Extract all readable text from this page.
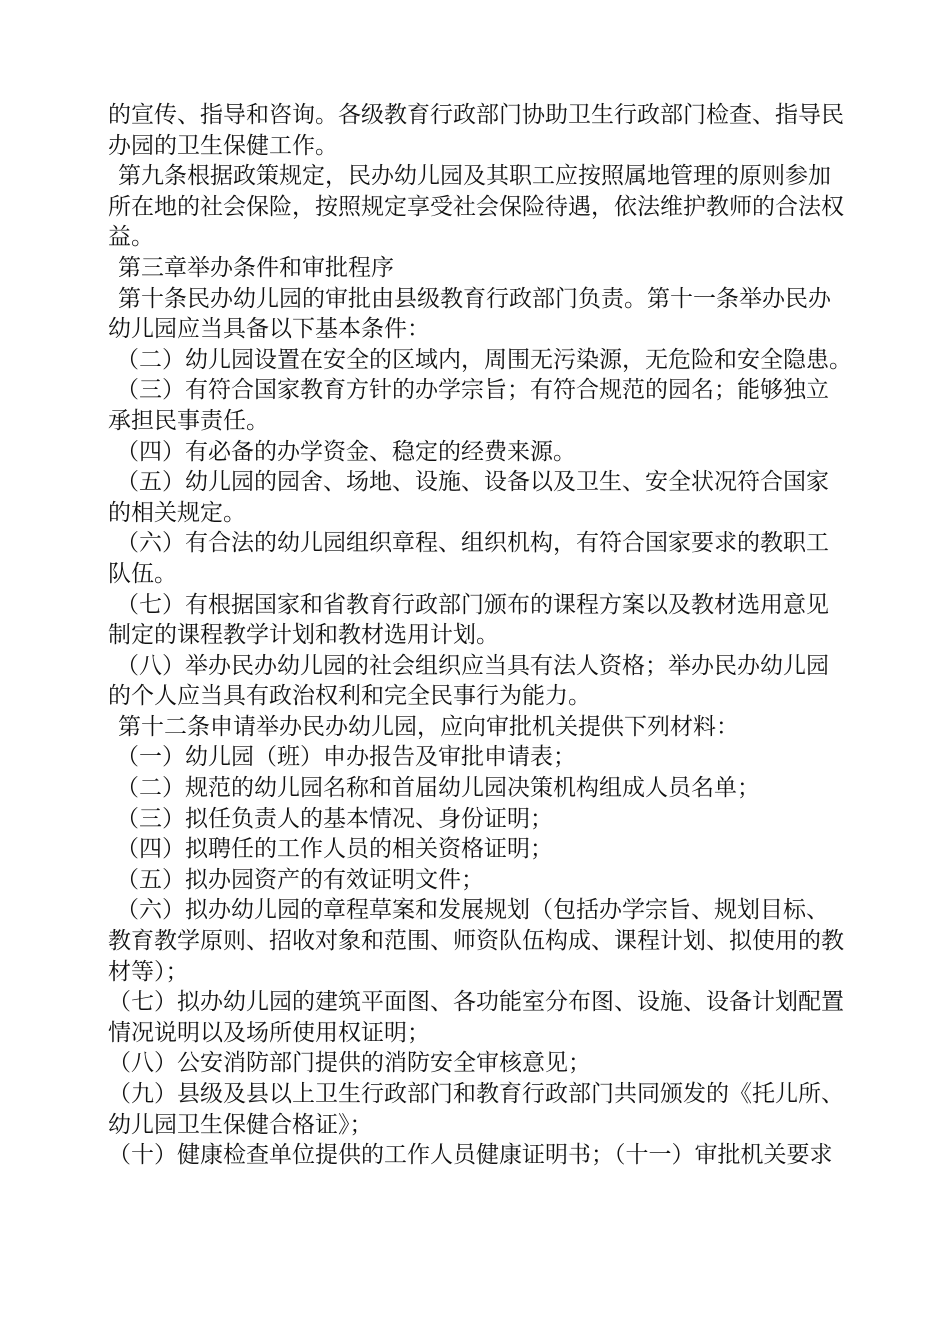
的宣传、指导和咨询。各级教育行政部门协助卫生行政部门检查、指导民
办园的卫生保健工作。
第九条根据政策规定，民办幼儿园及其职工应按照属地管理的原则参加
所在地的社会保险，按照规定享受社会保险待遇，依法维护教师的合法权
益。
第三章举办条件和审批程序
第十条民办幼儿园的审批由县级教育行政部门负责。第十一条举办民办
幼儿园应当具备以下基本条件：
（二）幼儿园设置在安全的区域内，周围无污染源，无危险和安全隐患。
（三）有符合国家教育方针的办学宗旨；有符合规范的园名；能够独立
承担民事责任。
（四）有必备的办学资金、稳定的经费来源。
（五）幼儿园的园舍、场地、设施、设备以及卫生、安全状况符合国家
的相关规定。
（六）有合法的幼儿园组织章程、组织机构，有符合国家要求的教职工
队伍。
（七）有根据国家和省教育行政部门颁布的课程方案以及教材选用意见
制定的课程教学计划和教材选用计划。
（八）举办民办幼儿园的社会组织应当具有法人资格；举办民办幼儿园
的个人应当具有政治权利和完全民事行为能力。
第十二条申请举办民办幼儿园，应向审批机关提供下列材料：
（一）幼儿园（班）申办报告及审批申请表；
（二）规范的幼儿园名称和首届幼儿园决策机构组成人员名单；
（三）拟任负责人的基本情况、身份证明；
（四）拟聘任的工作人员的相关资格证明；
（五）拟办园资产的有效证明文件；
（六）拟办幼儿园的章程草案和发展规划（包括办学宗旨、规划目标、
教育教学原则、招收对象和范围、师资队伍构成、课程计划、拟使用的教
材等）；
（七）拟办幼儿园的建筑平面图、各功能室分布图、设施、设备计划配置
情况说明以及场所使用权证明；
（八）公安消防部门提供的消防安全审核意见；
（九）县级及县以上卫生行政部门和教育行政部门共同颁发的《托儿所、
幼儿园卫生保健合格证》；
（十）健康检查单位提供的工作人员健康证明书；（十一）审批机关要求
